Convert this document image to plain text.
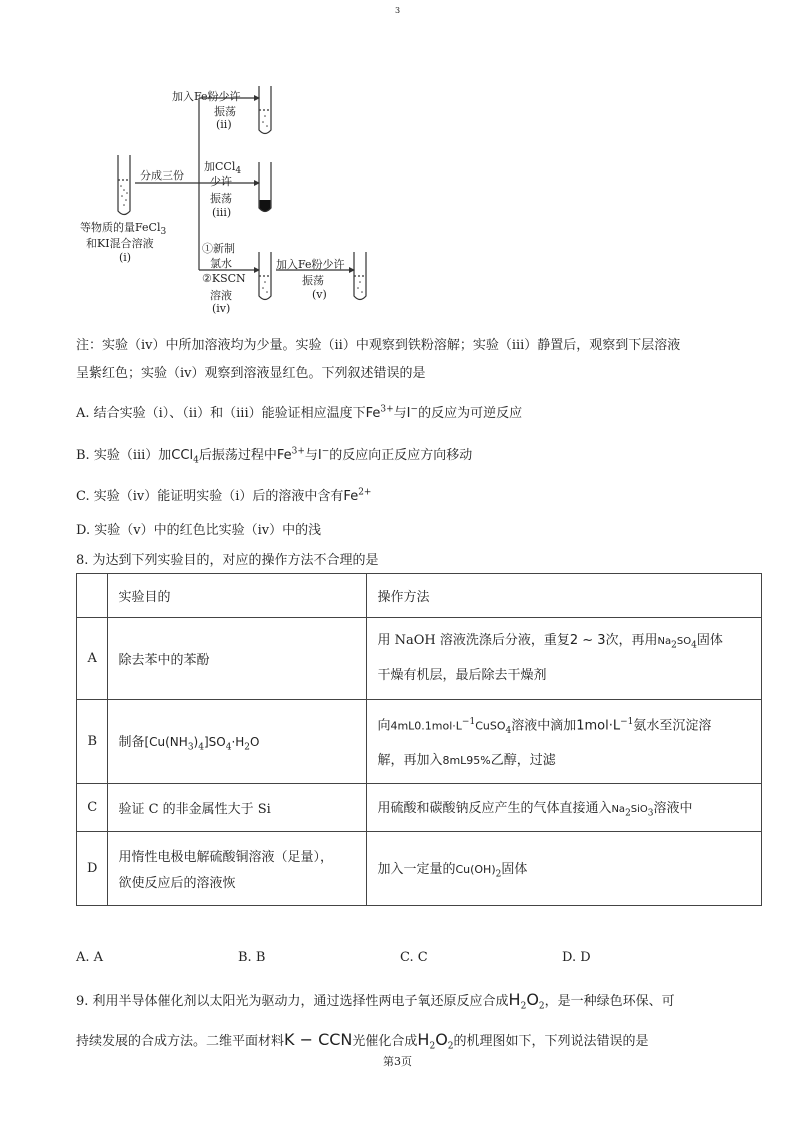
3
加入Fe粉少许
振荡
(ii)
加CCl$_4$
少许
振荡
(iii)
分成三份
等物质的量FeCl$_3$
和KI混合溶液
(i)
①新制
氯水
②KSCN
溶液
(iv)
加入Fe粉少许
振荡
(v)
注：实验（iv）中所加溶液均为少量。实验（ii）中观察到铁粉溶解；实验（iii）静置后，观察到下层溶液
呈紫红色；实验（iv）观察到溶液显红色。下列叙述错误的是
A. 结合实验（i）、（ii）和（iii）能验证相应温度下$Fe^{3+}$与I−的反应为可逆反应
B. 实验（iii）加CCl$_4$后振荡过程中$Fe^{3+}$与I−的反应向正反应方向移动
C. 实验（iv）能证明实验（i）后的溶液中含有$Fe^{2+}$
D. 实验（v）中的红色比实验（iv）中的浅
8. 为达到下列实验目的，对应的操作方法不合理的是
	实验目的	操作方法
A	除去苯中的苯酚	用 NaOH 溶液洗涤后分液，重复2 ~ 3次，再用$Na_2SO_4$固体
干燥有机层，最后除去干燥剂

B	制备$[Cu(NH_3)_4]SO_4\cdot H_2O$	向$4mL0.1mol\cdot L^{-1}CuSO_4$溶液中滴加$1mol\cdot L^{-1}$氨水至沉淀溶
解，再加入8mL95%乙醇，过滤

C	验证 C 的非金属性大于 Si	用硫酸和碳酸钠反应产生的气体直接通入$Na_2SiO_3$溶液中
D	用惰性电极电解硫酸铜溶液（足量），
欲使反应后的溶液恢	加入一定量的$Cu(OH)_2$固体
A. A	B. B	C. C	D. D
9. 利用半导体催化剂以太阳光为驱动力，通过选择性两电子氧还原反应合成$H_2O_2$，是一种绿色环保、可
持续发展的合成方法。二维平面材料K − CCN光催化合成$H_2O_2$的机理图如下，下列说法错误的是
第3页
